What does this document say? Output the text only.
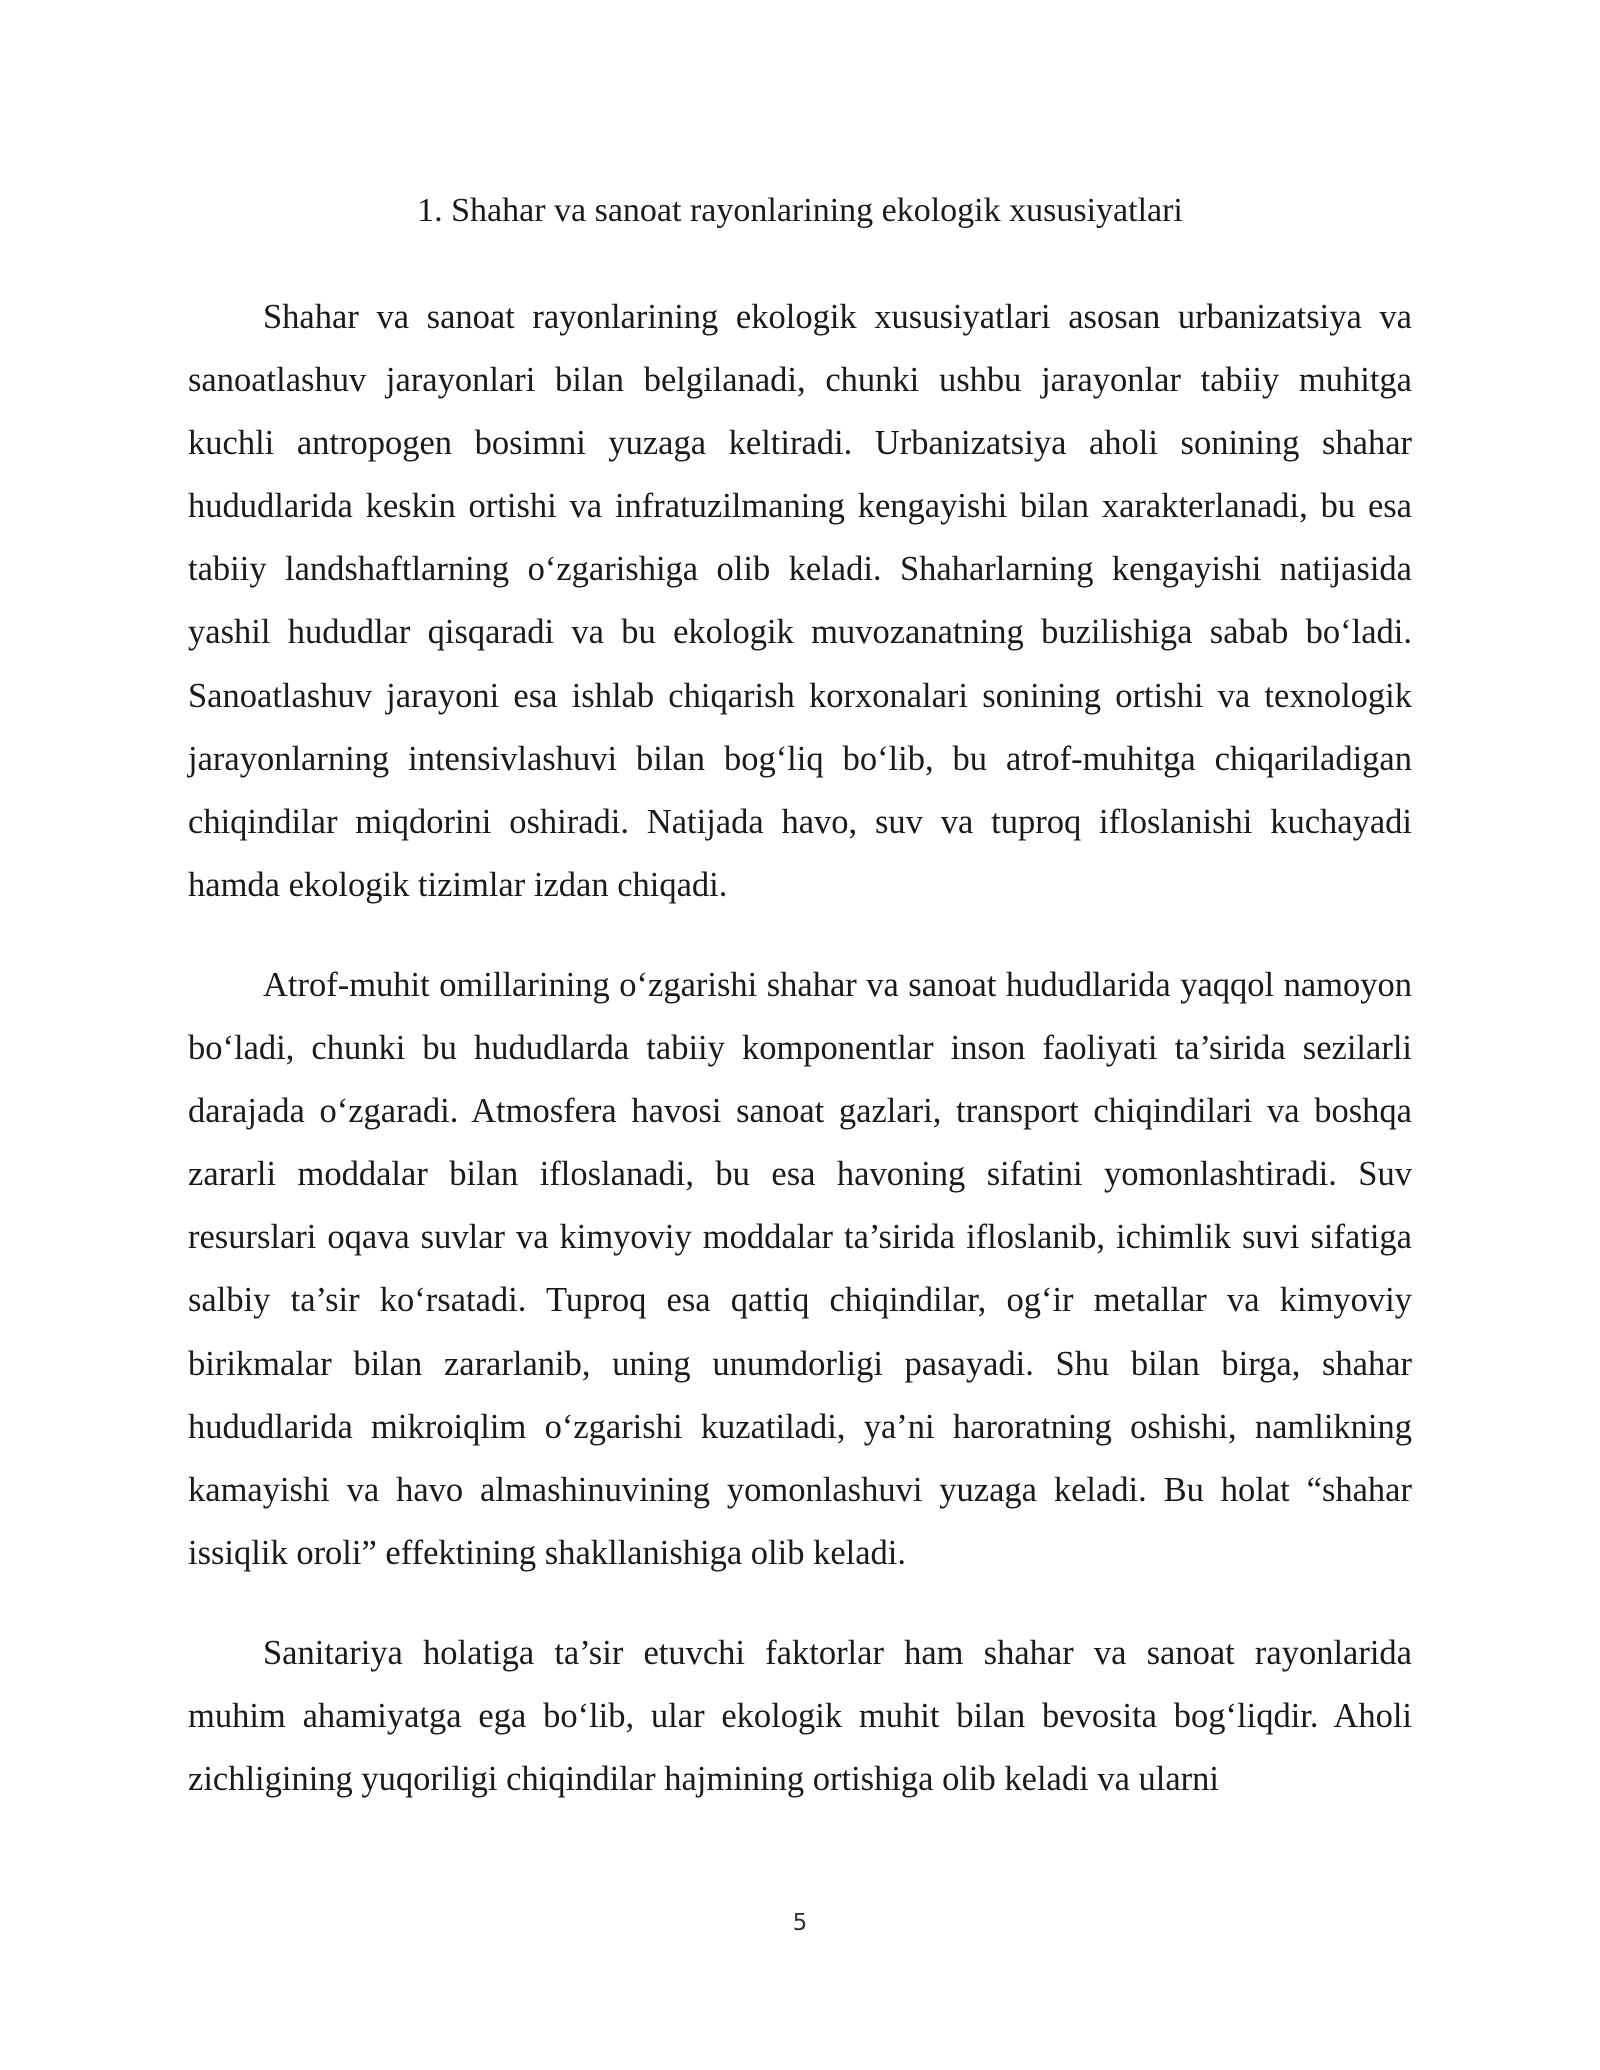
1. Shahar va sanoat rayonlarining ekologik xususiyatlari

Shahar va sanoat rayonlarining ekologik xususiyatlari asosan urbanizatsiya va sanoatlashuv jarayonlari bilan belgilanadi, chunki ushbu jarayonlar tabiiy muhitga kuchli antropogen bosimni yuzaga keltiradi. Urbanizatsiya aholi sonining shahar hududlarida keskin ortishi va infratuzilmaning kengayishi bilan xarakterlanadi, bu esa tabiiy landshaftlarning o‘zgarishiga olib keladi. Shaharlarning kengayishi natijasida yashil hududlar qisqaradi va bu ekologik muvozanatning buzilishiga sabab bo‘ladi. Sanoatlashuv jarayoni esa ishlab chiqarish korxonalari sonining ortishi va texnologik jarayonlarning intensivlashuvi bilan bog‘liq bo‘lib, bu atrof-muhitga chiqariladigan chiqindilar miqdorini oshiradi. Natijada havo, suv va tuproq ifloslanishi kuchayadi hamda ekologik tizimlar izdan chiqadi.

Atrof-muhit omillarining o‘zgarishi shahar va sanoat hududlarida yaqqol namoyon bo‘ladi, chunki bu hududlarda tabiiy komponentlar inson faoliyati ta’sirida sezilarli darajada o‘zgaradi. Atmosfera havosi sanoat gazlari, transport chiqindilari va boshqa zararli moddalar bilan ifloslanadi, bu esa havoning sifatini yomonlashtiradi. Suv resurslari oqava suvlar va kimyoviy moddalar ta’sirida ifloslanib, ichimlik suvi sifatiga salbiy ta’sir ko‘rsatadi. Tuproq esa qattiq chiqindilar, og‘ir metallar va kimyoviy birikmalar bilan zararlanib, uning unumdorligi pasayadi. Shu bilan birga, shahar hududlarida mikroiqlim o‘zgarishi kuzatiladi, ya’ni haroratning oshishi, namlikning kamayishi va havo almashinuvining yomonlashuvi yuzaga keladi. Bu holat “shahar issiqlik oroli” effektining shakllanishiga olib keladi.

Sanitariya holatiga ta’sir etuvchi faktorlar ham shahar va sanoat rayonlarida muhim ahamiyatga ega bo‘lib, ular ekologik muhit bilan bevosita bog‘liqdir. Aholi zichligining yuqoriligi chiqindilar hajmining ortishiga olib keladi va ularni

5
